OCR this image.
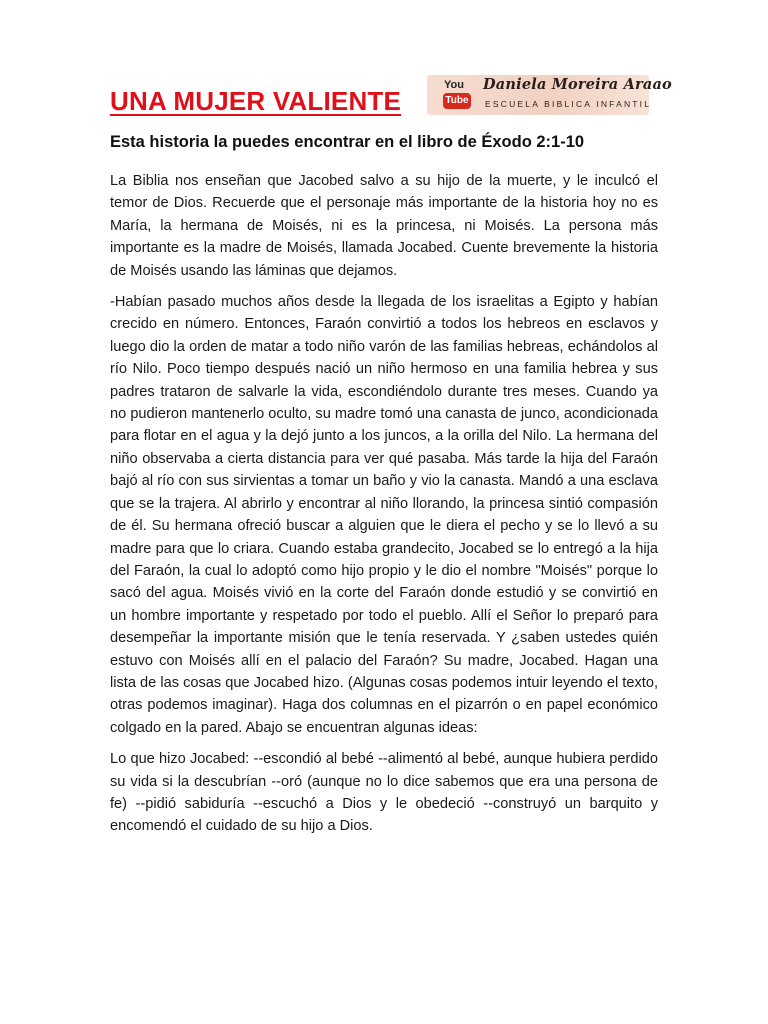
UNA MUJER VALIENTE
You
Tube
Daniela Moreira Araao
ESCUELA BIBLICA INFANTIL
Esta historia la puedes encontrar en el libro de Éxodo 2:1-10

La Biblia nos enseñan que Jacobed salvo a su hijo de la muerte, y le inculcó el temor de Dios. Recuerde que el personaje más importante de la historia hoy no es María, la hermana de Moisés, ni es la princesa, ni Moisés. La persona más importante es la madre de Moisés, llamada Jocabed. Cuente brevemente la historia de Moisés usando las láminas que dejamos.

-Habían pasado muchos años desde la llegada de los israelitas a Egipto y habían crecido en número. Entonces, Faraón convirtió a todos los hebreos en esclavos y luego dio la orden de matar a todo niño varón de las familias hebreas, echándolos al río Nilo. Poco tiempo después nació un niño hermoso en una familia hebrea y sus padres trataron de salvarle la vida, escondiéndolo durante tres meses. Cuando ya no pudieron mantenerlo oculto, su madre tomó una canasta de junco, acondicionada para flotar en el agua y la dejó junto a los juncos, a la orilla del Nilo. La hermana del niño observaba a cierta distancia para ver qué pasaba. Más tarde la hija del Faraón bajó al río con sus sirvientas a tomar un baño y vio la canasta. Mandó a una esclava que se la trajera. Al abrirlo y encontrar al niño llorando, la princesa sintió compasión de él. Su hermana ofreció buscar a alguien que le diera el pecho y se lo llevó a su madre para que lo criara. Cuando estaba grandecito, Jocabed se lo entregó a la hija del Faraón, la cual lo adoptó como hijo propio y le dio el nombre "Moisés" porque lo sacó del agua. Moisés vivió en la corte del Faraón donde estudió y se convirtió en un hombre importante y respetado por todo el pueblo. Allí el Señor lo preparó para desempeñar la importante misión que le tenía reservada. Y ¿saben ustedes quién estuvo con Moisés allí en el palacio del Faraón? Su madre, Jocabed. Hagan una lista de las cosas que Jocabed hizo. (Algunas cosas podemos intuir leyendo el texto, otras podemos imaginar). Haga dos columnas en el pizarrón o en papel económico colgado en la pared. Abajo se encuentran algunas ideas:

Lo que hizo Jocabed: --escondió al bebé --alimentó al bebé, aunque hubiera perdido su vida si la descubrían --oró (aunque no lo dice sabemos que era una persona de fe) --pidió sabiduría --escuchó a Dios y le obedeció --construyó un barquito y encomendó el cuidado de su hijo a Dios.
